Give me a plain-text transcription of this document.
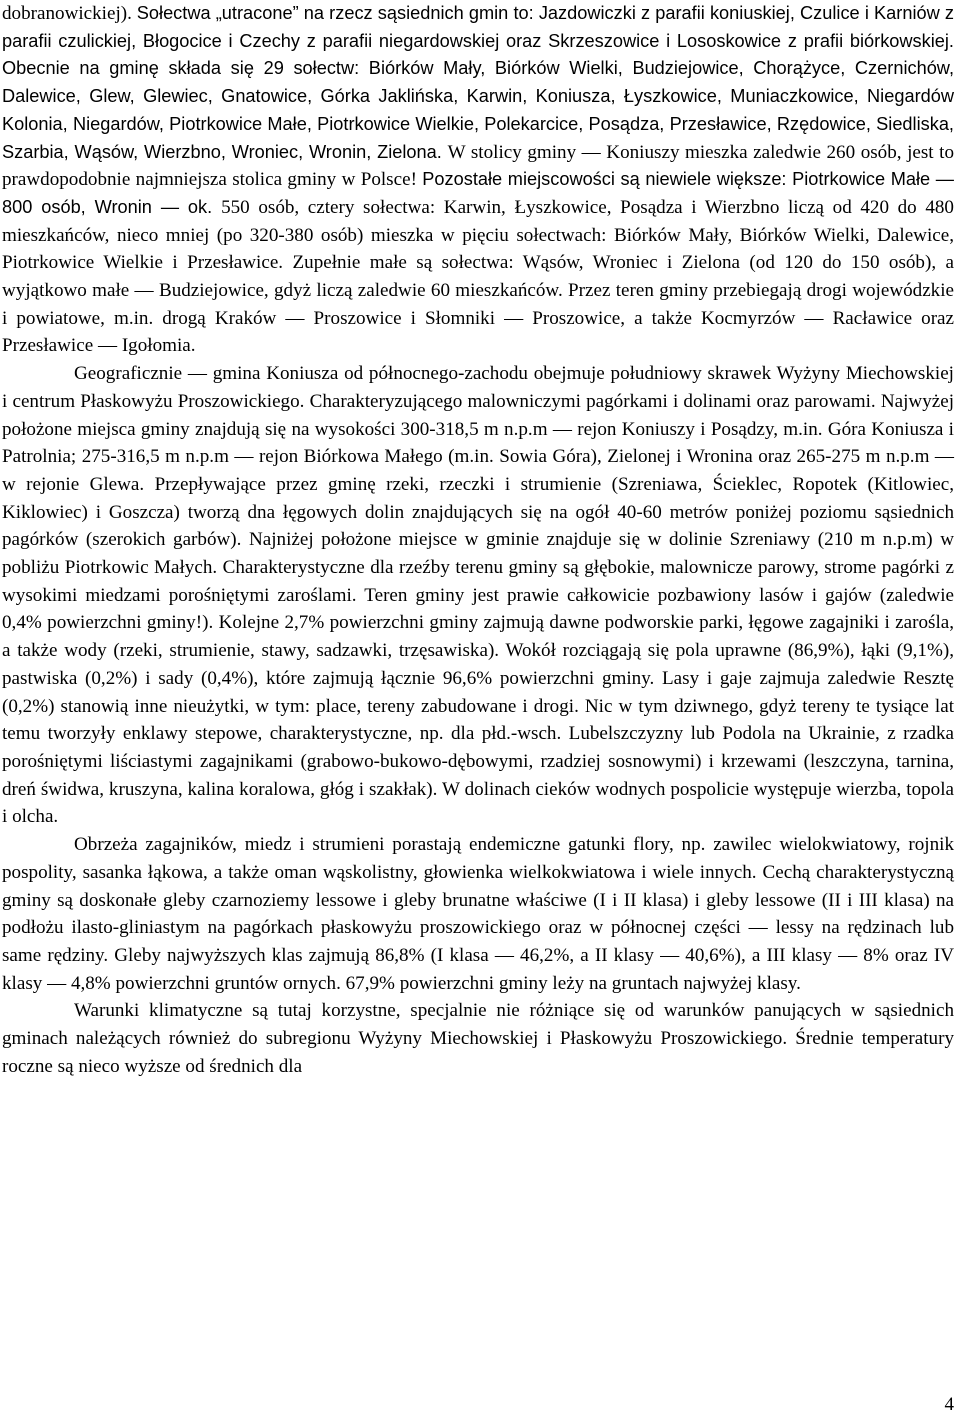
dobranowickiej). Sołectwa „utracone” na rzecz sąsiednich gmin to: Jazdowiczki z parafii koniuskiej, Czulice i Karniów z parafii czulickiej, Błogocice i Czechy z parafii niegardowskiej oraz Skrzeszowice i Lososkowice z prafii biórkowskiej. Obecnie na gminę składa się 29 sołectw: Biórków Mały, Biórków Wielki, Budziejowice, Chorążyce, Czernichów, Dalewice, Glew, Glewiec, Gnatowice, Górka Jaklińska, Karwin, Koniusza, Łyszkowice, Muniaczkowice, Niegardów Kolonia, Niegardów, Piotrkowice Małe, Piotrkowice Wielkie, Polekarcice, Posądza, Przesławice, Rzędowice, Siedliska, Szarbia, Wąsów, Wierzbno, Wroniec, Wronin, Zielona. W stolicy gminy — Koniuszy mieszka zaledwie 260 osób, jest to prawdopodobnie najmniejsza stolica gminy w Polsce! Pozostałe miejscowości są niewiele większe: Piotrkowice Małe — 800 osób, Wronin — ok. 550 osób, cztery sołectwa: Karwin, Łyszkowice, Posądza i Wierzbno liczą od 420 do 480 mieszkańców, nieco mniej (po 320-380 osób) mieszka w pięciu sołectwach: Biórków Mały, Biórków Wielki, Dalewice, Piotrkowice Wielkie i Przesławice. Zupełnie małe są sołectwa: Wąsów, Wroniec i Zielona (od 120 do 150 osób), a wyjątkowo małe — Budziejowice, gdyż liczą zaledwie 60 mieszkańców. Przez teren gminy przebiegają drogi wojewódzkie i powiatowe, m.in. drogą Kraków — Proszowice i Słomniki — Proszowice, a także Kocmyrzów — Racławice oraz Przesławice — Igołomia.

Geograficznie — gmina Koniusza od północnego-zachodu obejmuje południowy skrawek Wyżyny Miechowskiej i centrum Płaskowyżu Proszowickiego. Charakteryzującego malowniczymi pagórkami i dolinami oraz parowami. Najwyżej położone miejsca gminy znajdują się na wysokości 300-318,5 m n.p.m — rejon Koniuszy i Posądzy, m.in. Góra Koniusza i Patrolnia; 275-316,5 m n.p.m — rejon Biórkowa Małego (m.in. Sowia Góra), Zielonej i Wronina oraz 265-275 m n.p.m — w rejonie Glewa. Przepływające przez gminę rzeki, rzeczki i strumienie (Szreniawa, Ścieklec, Ropotek (Kitlowiec, Kiklowiec) i Goszcza) tworzą dna łęgowych dolin znajdujących się na ogół 40-60 metrów poniżej poziomu sąsiednich pagórków (szerokich garbów). Najniżej położone miejsce w gminie znajduje się w dolinie Szreniawy (210 m n.p.m) w pobliżu Piotrkowic Małych. Charakterystyczne dla rzeźby terenu gminy są głębokie, malownicze parowy, strome pagórki z wysokimi miedzami porośniętymi zaroślami. Teren gminy jest prawie całkowicie pozbawiony lasów i gajów (zaledwie 0,4% powierzchni gminy!). Kolejne 2,7% powierzchni gminy zajmują dawne podworskie parki, łęgowe zagajniki i zarośla, a także wody (rzeki, strumienie, stawy, sadzawki, trzęsawiska). Wokół rozciągają się pola uprawne (86,9%), łąki (9,1%), pastwiska (0,2%) i sady (0,4%), które zajmują łącznie 96,6% powierzchni gminy. Lasy i gaje zajmuja zaledwie Resztę (0,2%) stanowią inne nieużytki, w tym: place, tereny zabudowane i drogi. Nic w tym dziwnego, gdyż tereny te tysiące lat temu tworzyły enklawy stepowe, charakterystyczne, np. dla płd.-wsch. Lubelszczyzny lub Podola na Ukrainie, z rzadka porośniętymi liściastymi zagajnikami (grabowo-bukowo-dębowymi, rzadziej sosnowymi) i krzewami (leszczyna, tarnina, dreń świdwa, kruszyna, kalina koralowa, głóg i szakłak). W dolinach cieków wodnych pospolicie występuje wierzba, topola i olcha.

Obrzeża zagajników, miedz i strumieni porastają endemiczne gatunki flory, np. zawilec wielokwiatowy, rojnik pospolity, sasanka łąkowa, a także oman wąskolistny, głowienka wielkokwiatowa i wiele innych. Cechą charakterystyczną gminy są doskonałe gleby czarnoziemy lessowe i gleby brunatne właściwe (I i II klasa) i gleby lessowe (II i III klasa) na podłożu ilasto-gliniastym na pagórkach płaskowyżu proszowickiego oraz w północnej części — lessy na rędzinach lub same rędziny. Gleby najwyższych klas zajmują 86,8% (I klasa — 46,2%, a II klasy — 40,6%), a III klasy — 8% oraz IV klasy — 4,8% powierzchni gruntów ornych. 67,9% powierzchni gminy leży na gruntach najwyżej klasy.

Warunki klimatyczne są tutaj korzystne, specjalnie nie różniące się od warunków panujących w sąsiednich gminach należących również do subregionu Wyżyny Miechowskiej i Płaskowyżu Proszowickiego. Średnie temperatury roczne są nieco wyższe od średnich dla

4
